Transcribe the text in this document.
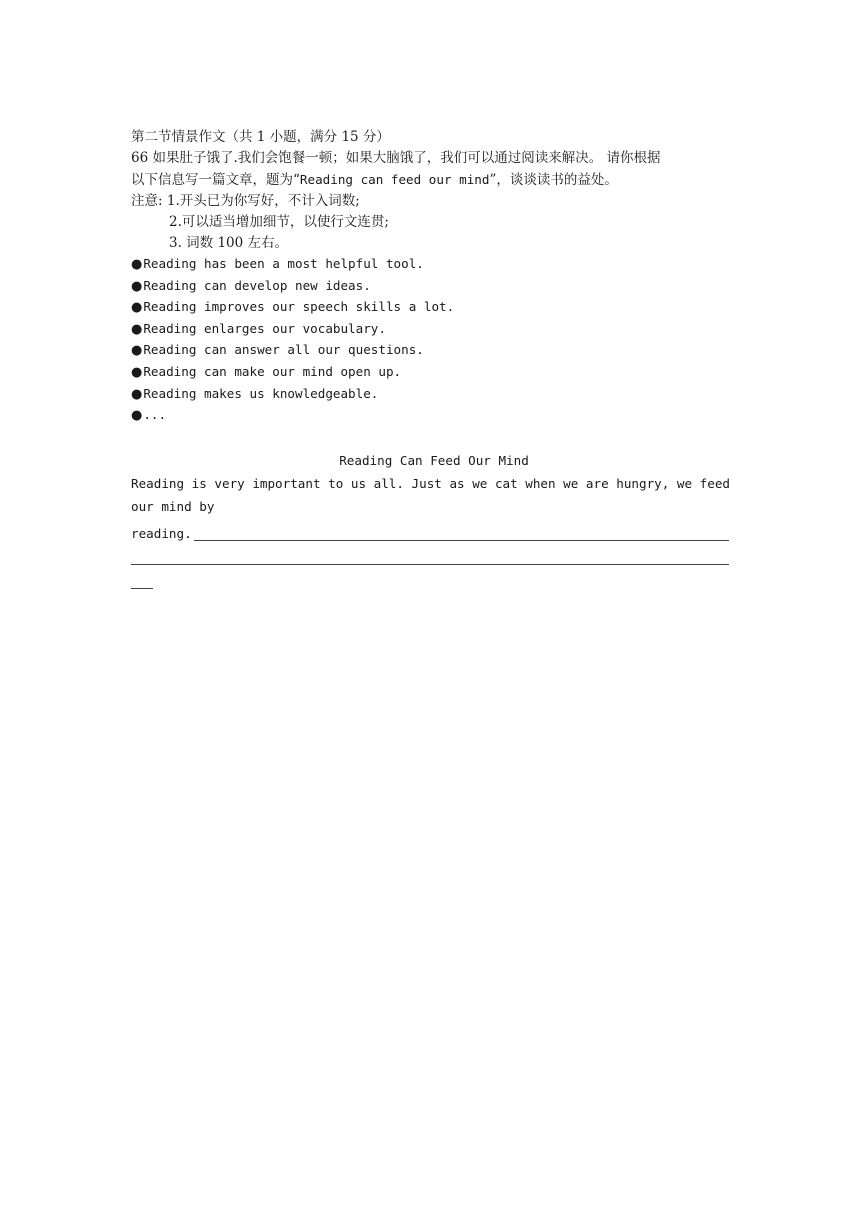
第二节情景作文（共 1 小题，满分 15 分）
66 如果肚子饿了.我们会饱餐一顿；如果大脑饿了，我们可以通过阅读来解决。 请你根据
以下信息写一篇文章，题为“Reading can feed our mind”，谈谈读书的益处。
注意: 1.开头已为你写好，不计入词数;
2.可以适当增加细节，以使行文连贯;
3. 词数 100 左右。
●Reading has been a most helpful tool.
●Reading can develop new ideas.
●Reading improves our speech skills a lot.
●Reading enlarges our vocabulary.
●Reading can answer all our questions.
●Reading can make our mind open up.
●Reading makes us knowledgeable.
●...
Reading Can Feed Our Mind
Reading is very important to us all. Just as we cat when we are hungry, we feed our mind by
reading.
